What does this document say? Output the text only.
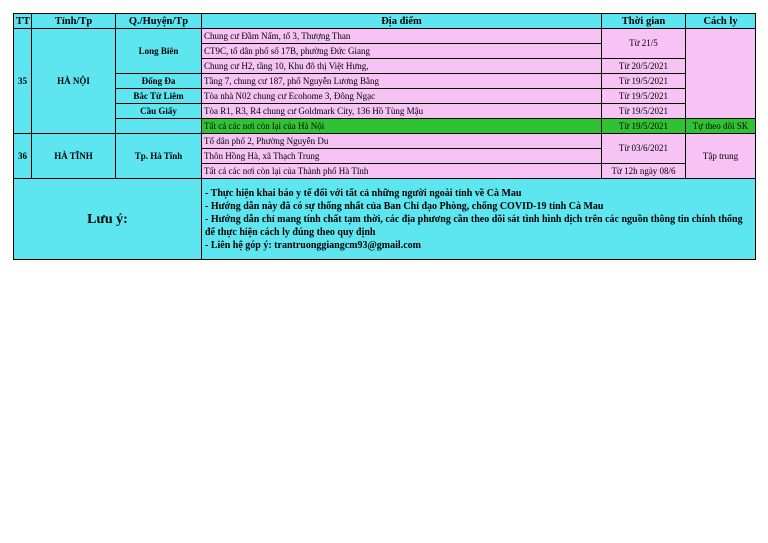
TT	Tỉnh/Tp	Q./Huyện/Tp	Địa điểm	Thời gian	Cách ly
35	HÀ NỘI	Long Biên	Chung cư Đầm Nấm, tổ 3, Thượng Than	Từ 21/5	
			CT9C, tổ dân phố số 17B, phường Đức Giang		
			Chung cư H2, tầng 10, Khu đô thị Việt Hưng,	Từ 20/5/2021	
		Đống Đa	Tầng 7, chung cư 187, phố Nguyễn Lương Bằng	Từ 19/5/2021	
		Bắc Từ Liêm	Tòa nhà N02 chung cư Ecohome 3, Đông Ngạc	Từ 19/5/2021	
		Cầu Giấy	Tòa R1, R3, R4 chung cư Goldmark City, 136 Hồ Tùng Mậu	Từ 19/5/2021	
			Tất cả các nơi còn lại của Hà Nội	Từ 19/5/2021	Tự theo dõi SK
36	HÀ TĨNH	Tp. Hà Tĩnh	Tổ dân phố 2, Phường Nguyễn Du	Từ 03/6/2021	Tập trung
			Thôn Hồng Hà, xã Thạch Trung		
			Tất cả các nơi còn lại của Thành phố Hà Tĩnh	Từ 12h ngày 08/6	
Lưu ý:			- Thực hiện khai báo y tế đối với tất cả những người ngoài tỉnh về Cà Mau
- Hướng dẫn này đã có sự thống nhất của Ban Chỉ đạo Phòng, chống COVID-19 tỉnh Cà Mau
- Hướng dẫn chỉ mang tính chất tạm thời, các địa phương cần theo dõi sát tình hình dịch trên các nguồn thông tin chính thống để thực hiện cách ly đúng theo quy định
- Liên hệ góp ý: trantruonggiangcm93@gmail.com		
